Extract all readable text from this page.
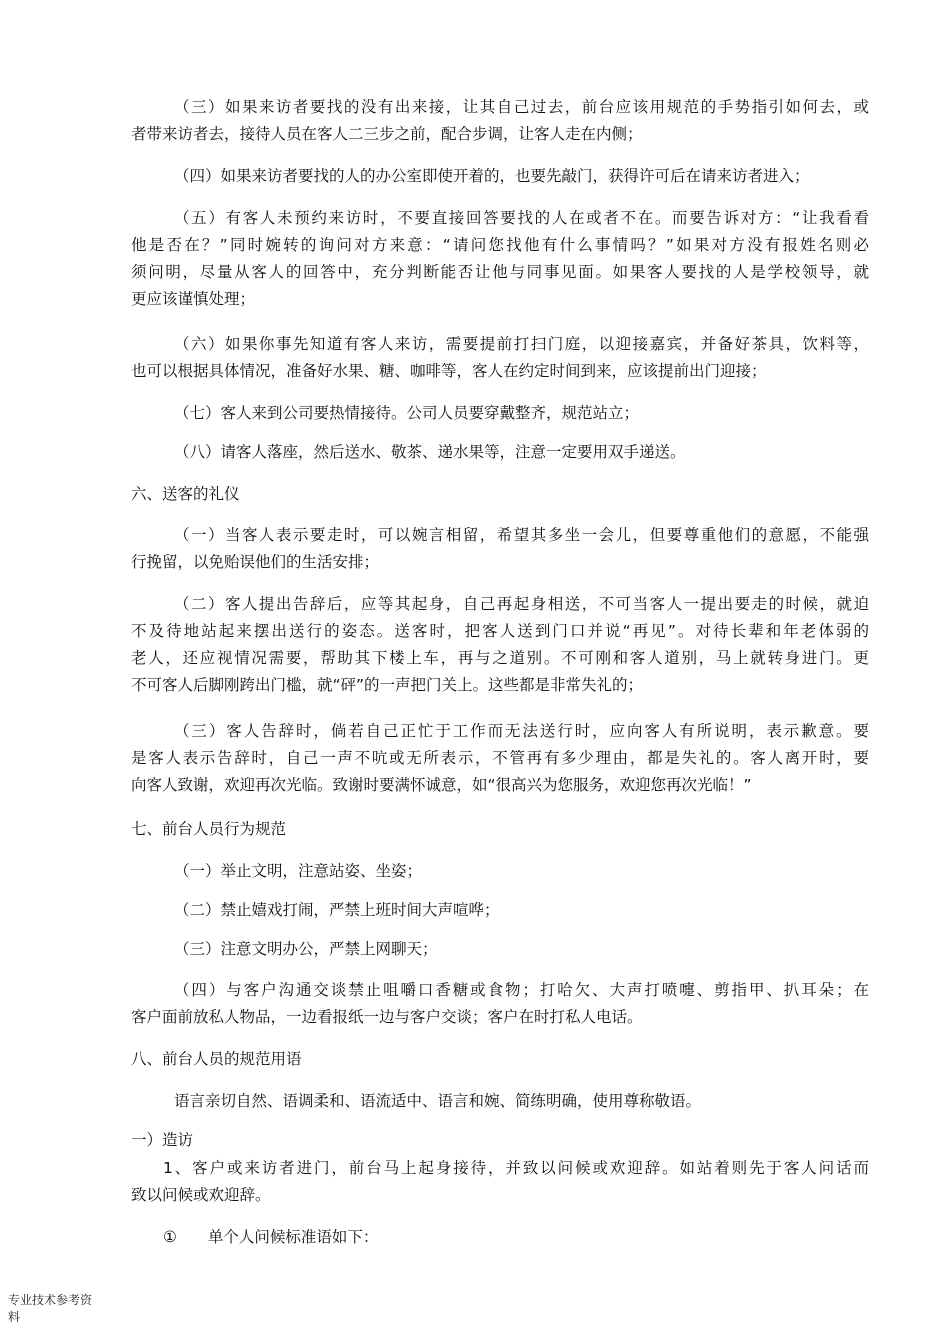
（三）如果来访者要找的没有出来接，让其自己过去，前台应该用规范的手势指引如何去，或
者带来访者去，接待人员在客人二三步之前，配合步调，让客人走在内侧；
（四）如果来访者要找的人的办公室即使开着的，也要先敲门，获得许可后在请来访者进入；
（五）有客人未预约来访时，不要直接回答要找的人在或者不在。而要告诉对方：“让我看看
他是否在？”同时婉转的询问对方来意：“请问您找他有什么事情吗？”如果对方没有报姓名则必
须问明，尽量从客人的回答中，充分判断能否让他与同事见面。如果客人要找的人是学校领导，就
更应该谨慎处理；
（六）如果你事先知道有客人来访，需要提前打扫门庭，以迎接嘉宾，并备好茶具，饮料等，
也可以根据具体情况，准备好水果、糖、咖啡等，客人在约定时间到来，应该提前出门迎接；
（七）客人来到公司要热情接待。公司人员要穿戴整齐，规范站立；
（八）请客人落座，然后送水、敬茶、递水果等，注意一定要用双手递送。
六、送客的礼仪
（一）当客人表示要走时，可以婉言相留，希望其多坐一会儿，但要尊重他们的意愿，不能强
行挽留，以免贻误他们的生活安排；
（二）客人提出告辞后，应等其起身，自己再起身相送，不可当客人一提出要走的时候，就迫
不及待地站起来摆出送行的姿态。送客时，把客人送到门口并说“再见”。对待长辈和年老体弱的
老人，还应视情况需要，帮助其下楼上车，再与之道别。不可刚和客人道别，马上就转身进门。更
不可客人后脚刚跨出门槛，就“砰”的一声把门关上。这些都是非常失礼的；
（三）客人告辞时，倘若自己正忙于工作而无法送行时，应向客人有所说明，表示歉意。要
是客人表示告辞时，自己一声不吭或无所表示，不管再有多少理由，都是失礼的。客人离开时，要
向客人致谢，欢迎再次光临。致谢时要满怀诚意，如“很高兴为您服务，欢迎您再次光临！”
七、前台人员行为规范
（一）举止文明，注意站姿、坐姿；
（二）禁止嬉戏打闹，严禁上班时间大声喧哗；
（三）注意文明办公，严禁上网聊天；
（四）与客户沟通交谈禁止咀嚼口香糖或食物；打哈欠、大声打喷嚏、剪指甲、扒耳朵；在
客户面前放私人物品，一边看报纸一边与客户交谈；客户在时打私人电话。
八、前台人员的规范用语
语言亲切自然、语调柔和、语流适中、语言和婉、简练明确，使用尊称敬语。
一）造访
1、客户或来访者进门，前台马上起身接待，并致以问候或欢迎辞。如站着则先于客人问话而
致以问候或欢迎辞。
①　　单个人问候标准语如下：
专业技术参考资
料
